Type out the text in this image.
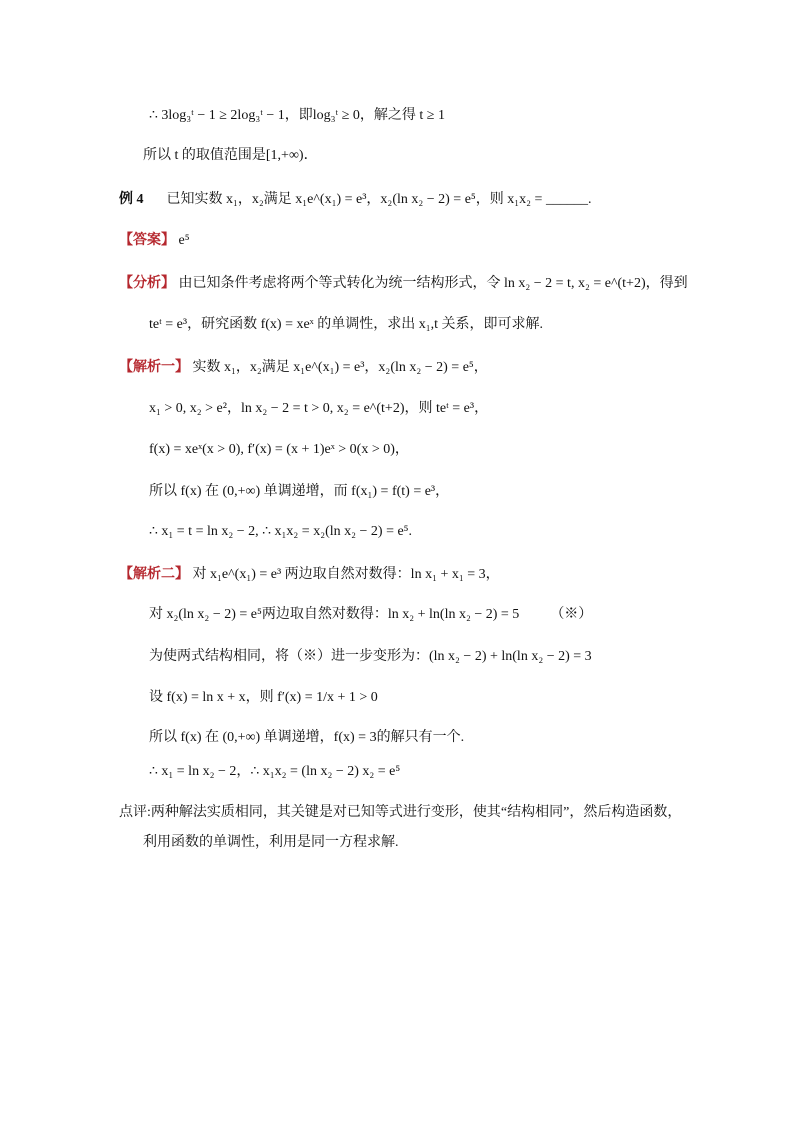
∴ 3log₃ᵗ − 1 ≥ 2log₃ᵗ − 1，即log₃ᵗ ≥ 0，解之得 t ≥ 1
所以 t 的取值范围是[1,+∞)．
例 4 已知实数 x₁，x₂满足 x₁e^(x₁) = e³，x₂(ln x₂ − 2) = e⁵，则 x₁x₂ = ______.
【答案】 e⁵
【分析】 由已知条件考虑将两个等式转化为统一结构形式，令 ln x₂ − 2 = t, x₂ = e^(t+2)，得到
teᵗ = e³，研究函数 f(x) = xeˣ 的单调性，求出 x₁,t 关系，即可求解.
【解析一】 实数 x₁，x₂满足 x₁e^(x₁) = e³，x₂(ln x₂ − 2) = e⁵，
x₁ > 0, x₂ > e²，ln x₂ − 2 = t > 0, x₂ = e^(t+2)，则 teᵗ = e³，
f(x) = xeˣ(x > 0), f′(x) = (x + 1)eˣ > 0(x > 0)，
所以 f(x) 在 (0,+∞) 单调递增，而 f(x₁) = f(t) = e³，
∴ x₁ = t = ln x₂ − 2, ∴ x₁x₂ = x₂(ln x₂ − 2) = e⁵.
【解析二】 对 x₁e^(x₁) = e³ 两边取自然对数得：ln x₁ + x₁ = 3，
对 x₂(ln x₂ − 2) = e⁵两边取自然对数得：ln x₂ + ln(ln x₂ − 2) = 5 （※）
为使两式结构相同，将（※）进一步变形为：(ln x₂ − 2) + ln(ln x₂ − 2) = 3
设 f(x) = ln x + x，则 f′(x) = 1/x + 1 > 0
所以 f(x) 在 (0,+∞) 单调递增，f(x) = 3的解只有一个.
∴ x₁ = ln x₂ − 2，∴ x₁x₂ = (ln x₂ − 2) x₂ = e⁵
点评:两种解法实质相同，其关键是对已知等式进行变形，使其“结构相同”，然后构造函数，
利用函数的单调性，利用是同一方程求解.
